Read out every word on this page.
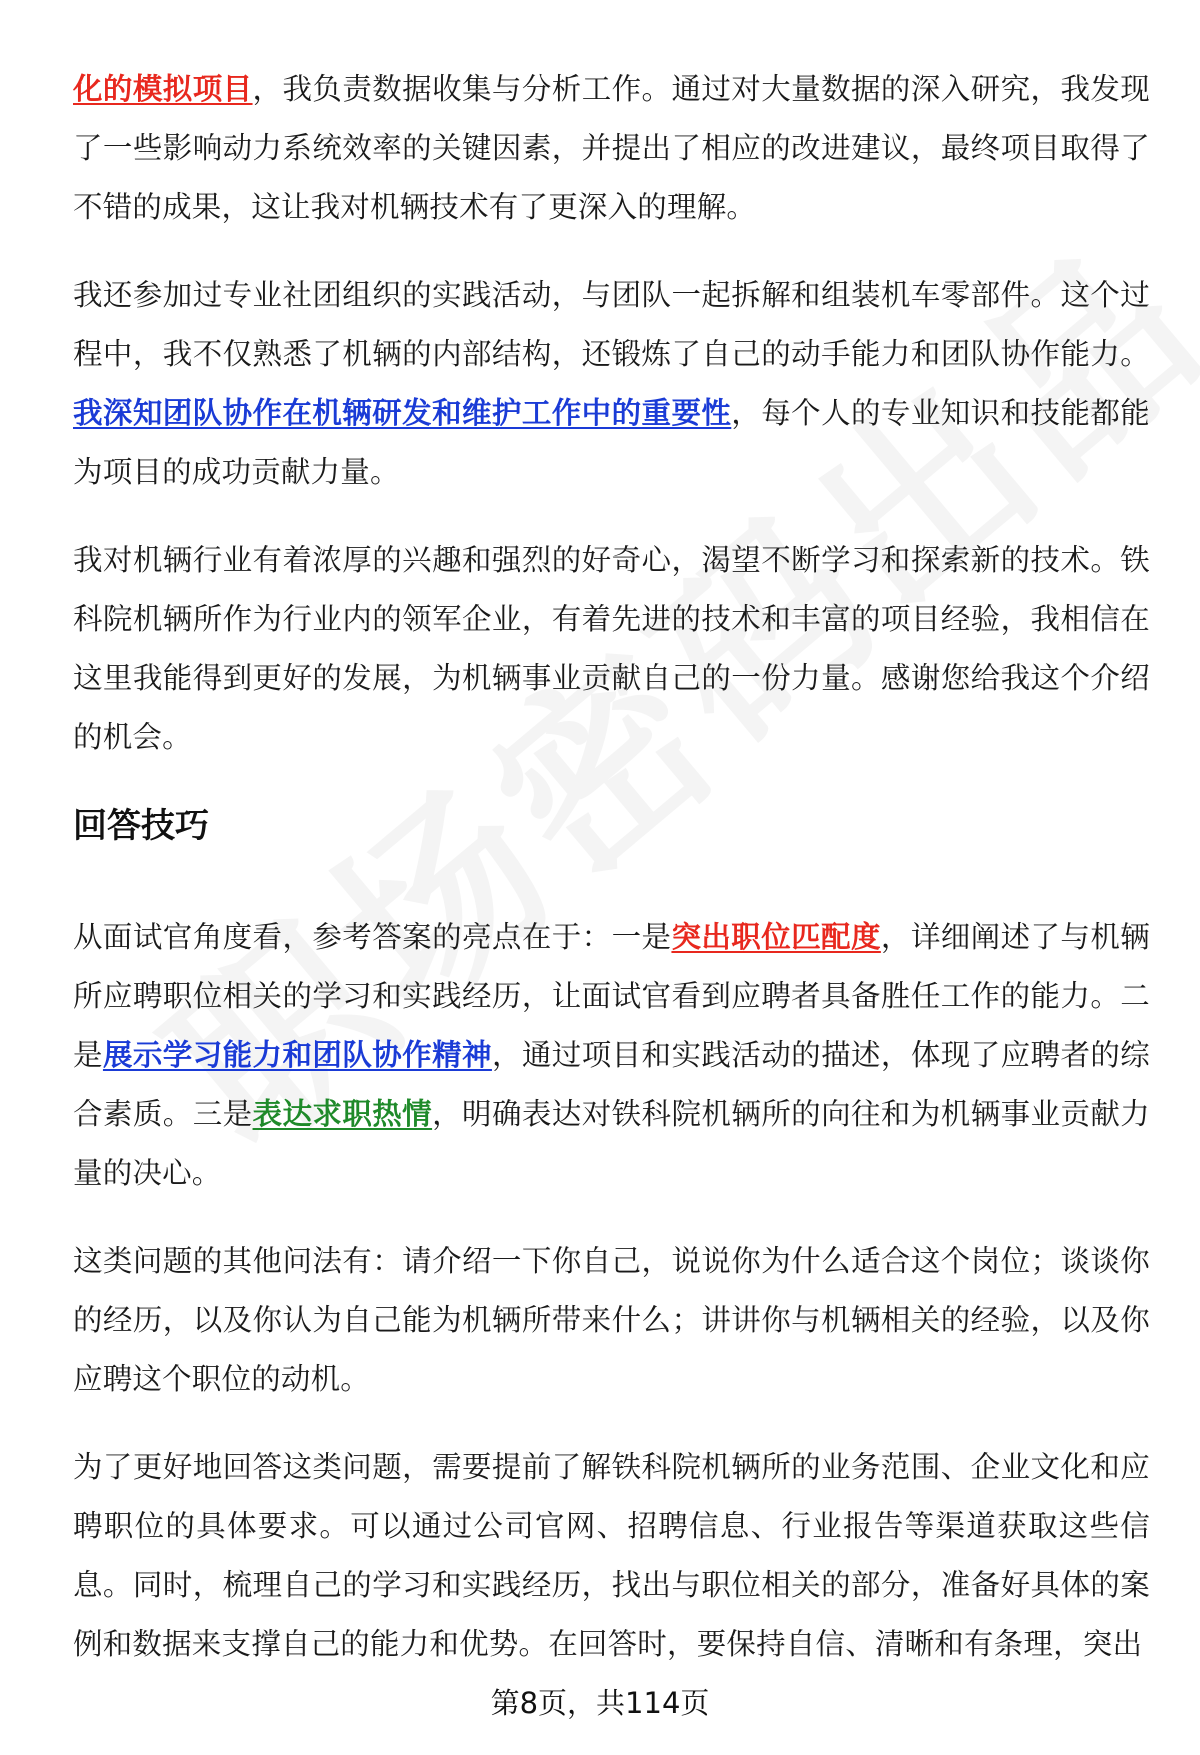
化的模拟项目，我负责数据收集与分析工作。通过对大量数据的深入研究，我发现了一些影响动力系统效率的关键因素，并提出了相应的改进建议，最终项目取得了不错的成果，这让我对机辆技术有了更深入的理解。

我还参加过专业社团组织的实践活动，与团队一起拆解和组装机车零部件。这个过程中，我不仅熟悉了机辆的内部结构，还锻炼了自己的动手能力和团队协作能力。我深知团队协作在机辆研发和维护工作中的重要性，每个人的专业知识和技能都能为项目的成功贡献力量。

我对机辆行业有着浓厚的兴趣和强烈的好奇心，渴望不断学习和探索新的技术。铁科院机辆所作为行业内的领军企业，有着先进的技术和丰富的项目经验，我相信在这里我能得到更好的发展，为机辆事业贡献自己的一份力量。感谢您给我这个介绍的机会。

回答技巧

从面试官角度看，参考答案的亮点在于：一是突出职位匹配度，详细阐述了与机辆所应聘职位相关的学习和实践经历，让面试官看到应聘者具备胜任工作的能力。二是展示学习能力和团队协作精神，通过项目和实践活动的描述，体现了应聘者的综合素质。三是表达求职热情，明确表达对铁科院机辆所的向往和为机辆事业贡献力量的决心。

这类问题的其他问法有：请介绍一下你自己，说说你为什么适合这个岗位；谈谈你的经历，以及你认为自己能为机辆所带来什么；讲讲你与机辆相关的经验，以及你应聘这个职位的动机。

为了更好地回答这类问题，需要提前了解铁科院机辆所的业务范围、企业文化和应聘职位的具体要求。可以通过公司官网、招聘信息、行业报告等渠道获取这些信息。同时，梳理自己的学习和实践经历，找出与职位相关的部分，准备好具体的案例和数据来支撑自己的能力和优势。在回答时，要保持自信、清晰和有条理，突出

第8页，共114页
